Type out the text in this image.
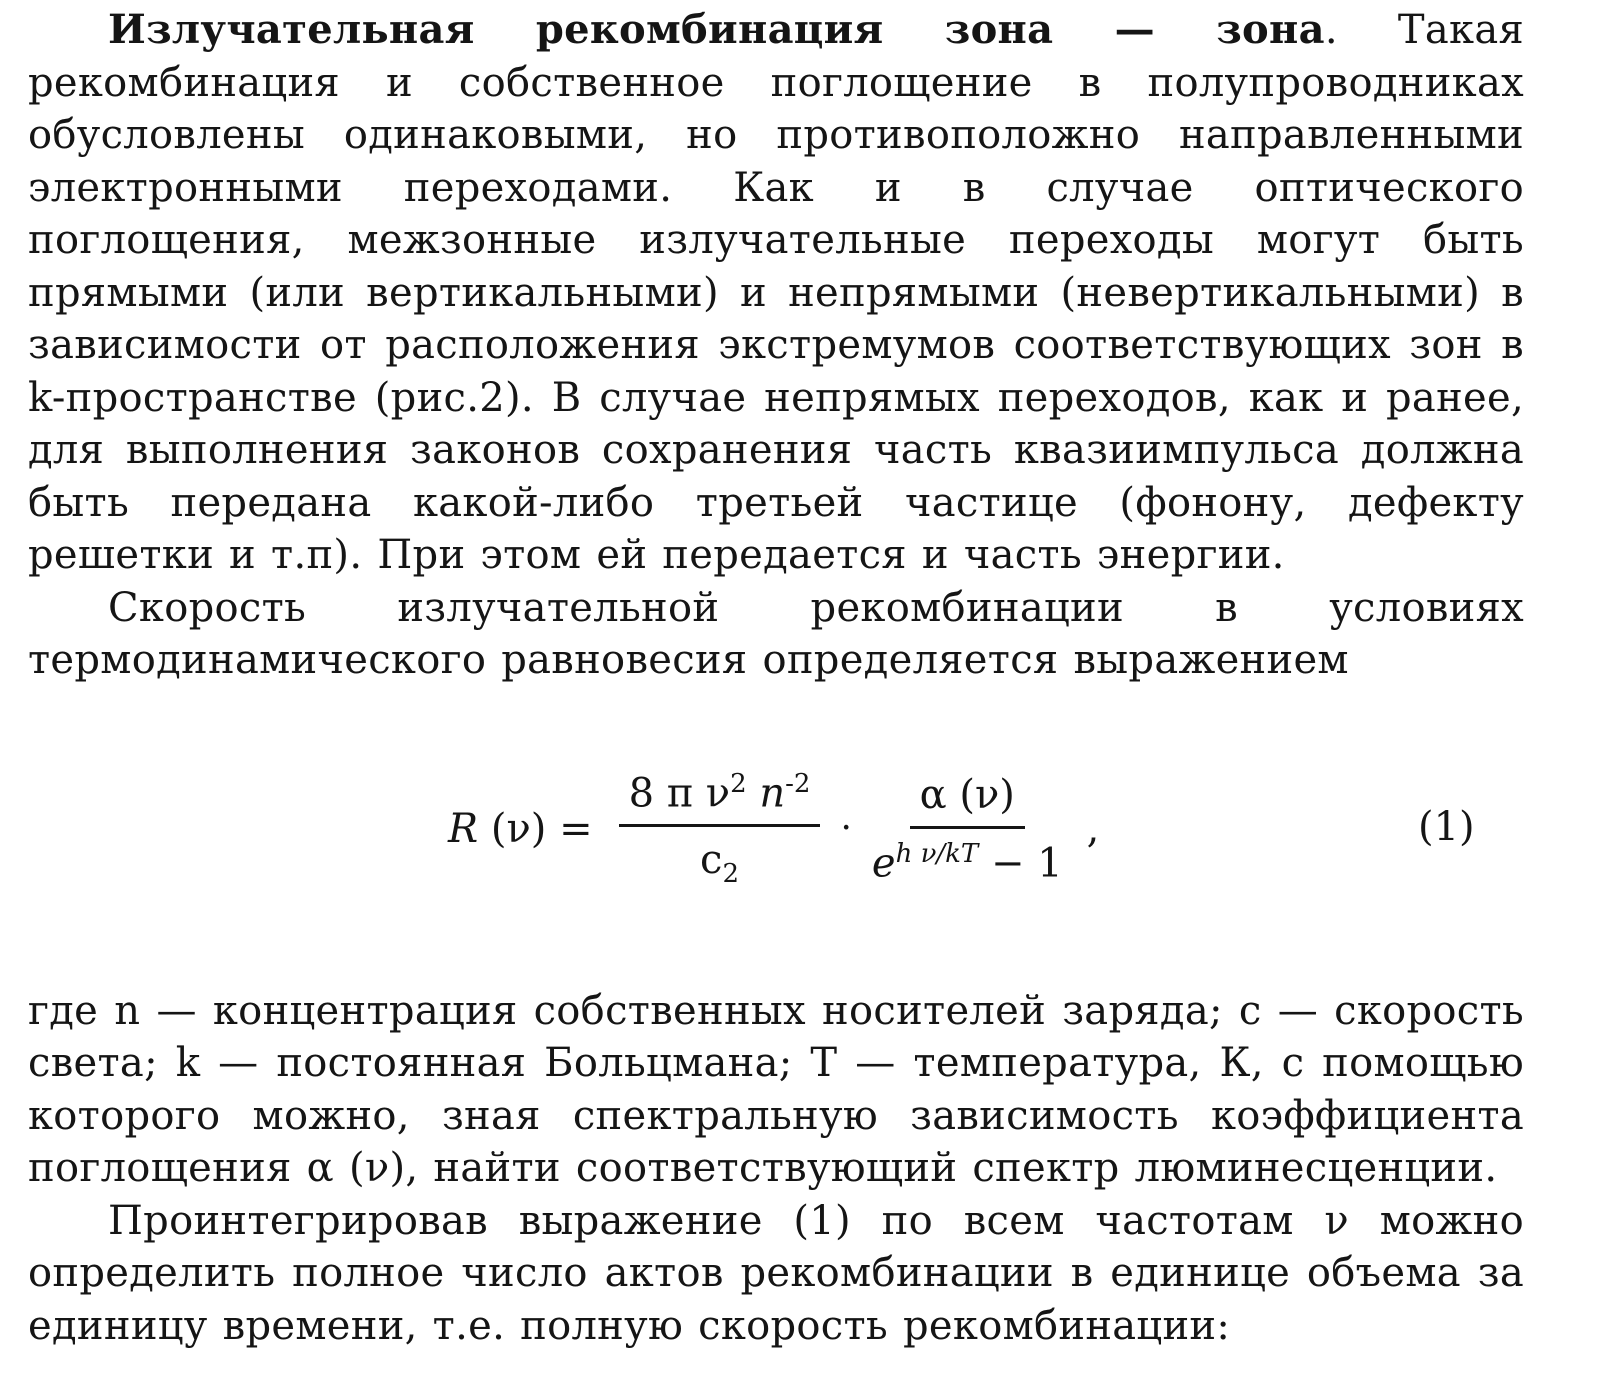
Излучательная рекомбинация зона — зона. Такая рекомбинация и собственное поглощение в полупроводниках обусловлены одинаковыми, но противоположно направленными электронными переходами. Как и в случае оптического поглощения, межзонные излучательные переходы могут быть прямыми (или вертикальными) и непрямыми (невертикальными) в зависимости от расположения экстремумов соответствующих зон в k-пространстве (рис.2). В случае непрямых переходов, как и ранее, для выполнения законов сохранения часть квазиимпульса должна быть передана какой-либо третьей частице (фонону, дефекту решетки и т.п). При этом ей передается и часть энергии.

Скорость излучательной рекомбинации в условиях термодинамического равновесия определяется выражением

R $(\nu) = \frac{8 \pi \nu^2 n^{-2}}{c_2} \cdot \frac{\alpha (\nu)}{e^{h \nu/kT} - 1}$ ,	(1)

где n — концентрация собственных носителей заряда; c — скорость света; k — постоянная Больцмана; T — температура, К, с помощью которого можно, зная спектральную зависимость коэффициента поглощения α (ν), найти соответствующий спектр люминесценции.

Проинтегрировав выражение (1) по всем частотам ν можно определить полное число актов рекомбинации в единице объема за единицу времени, т.е. полную скорость рекомбинации:
